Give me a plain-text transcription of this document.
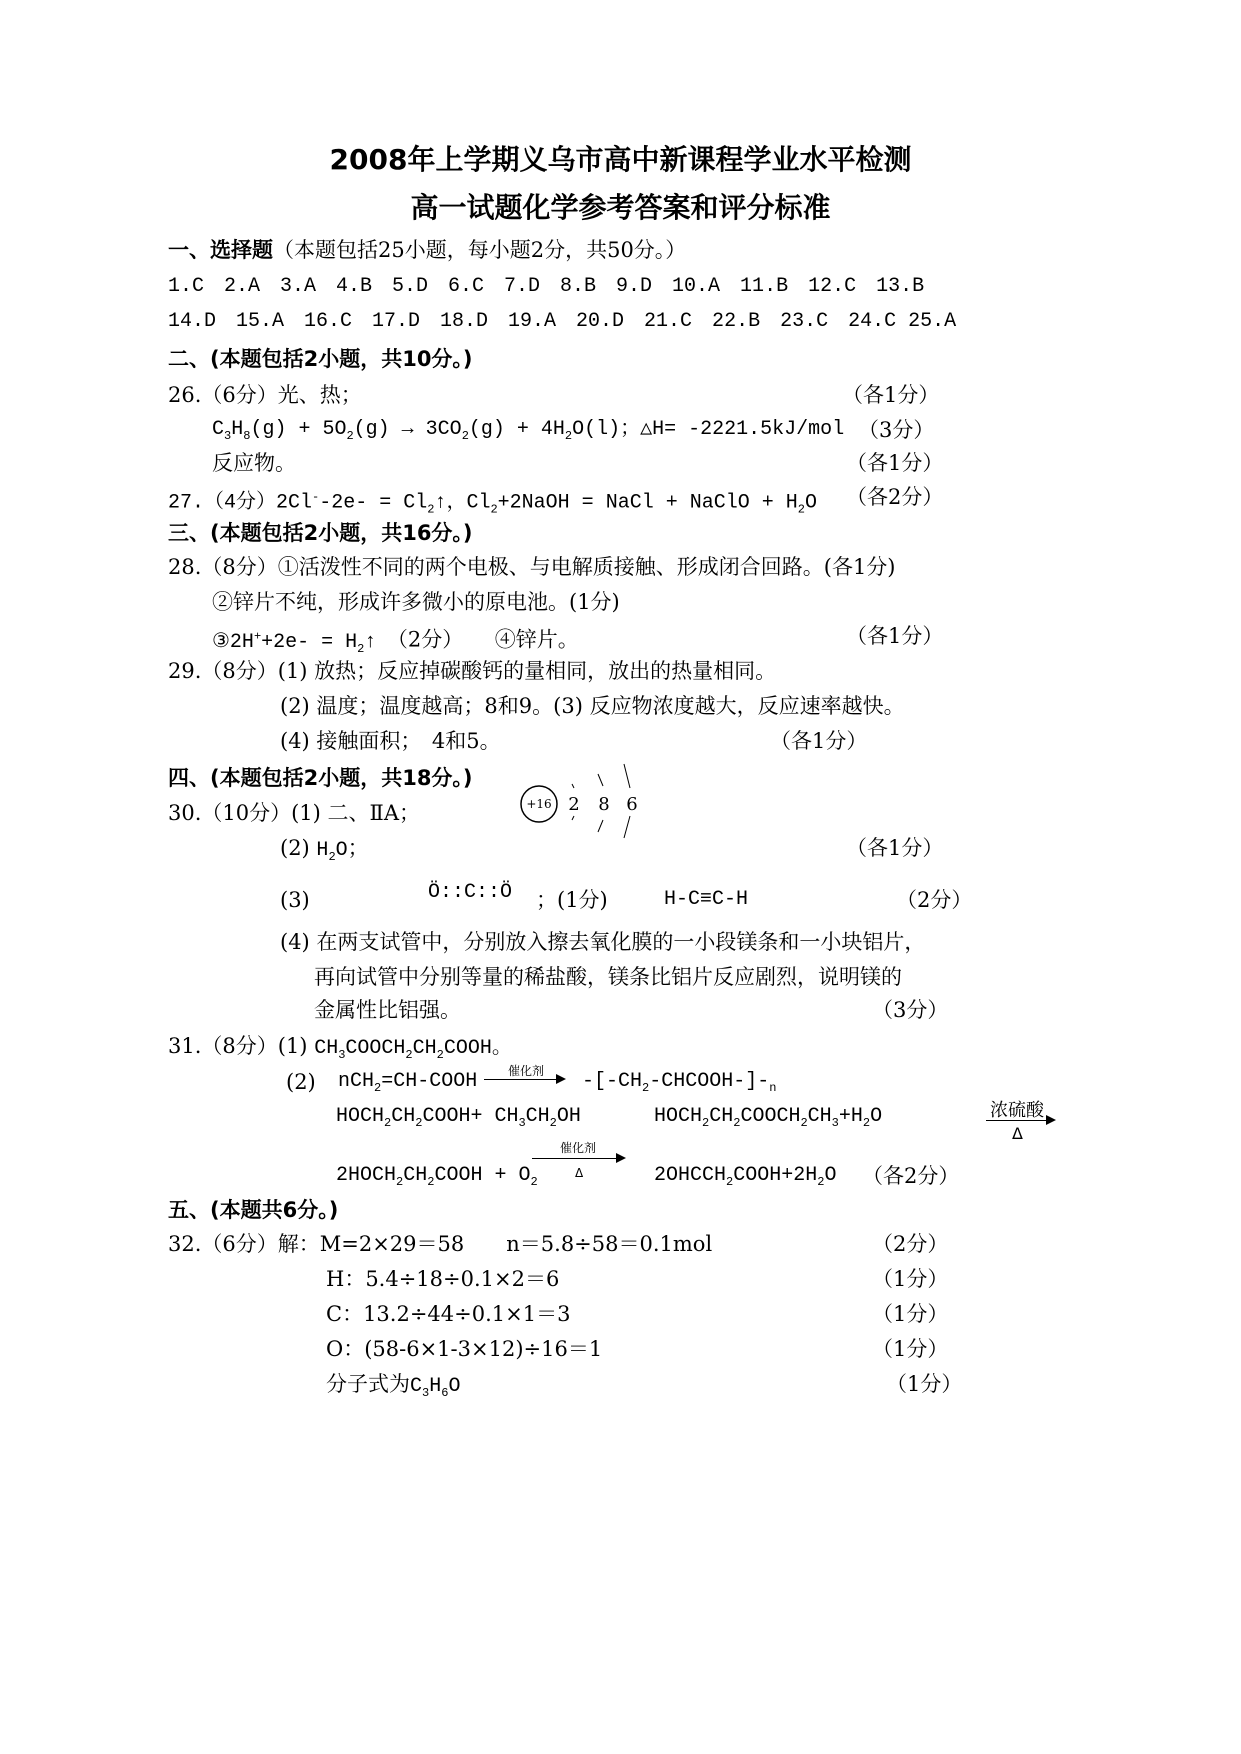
2008年上学期义乌市高中新课程学业水平检测
高一试题化学参考答案和评分标准
一、选择题（本题包括25小题，每小题2分，共50分。）
1.C　2.A　3.A　4.B　5.D　6.C　7.D　8.B　9.D　10.A　11.B　12.C　13.B
14.D　15.A　16.C　17.D　18.D　19.A　20.D　21.C　22.B　23.C　24.C 25.A
二、(本题包括2小题，共10分。)
26.（6分）光、热；	（各1分）
$C_3H_8(g) + 5O_2(g) \to 3CO_2(g) + 4H_2O(l)$；△H= -2221.5kJ/mol （3分）
反应物。	（各1分）
27.（4分）$2Cl^--2e- = Cl_2↑$，$Cl_2+2NaOH$ = NaCl + NaClO + $H_2O$ （各2分）
三、(本题包括2小题，共16分。)
28.（8分）①活泼性不同的两个电极、与电解质接触、形成闭合回路。(各1分)
②锌片不纯，形成许多微小的原电池。(1分)
③2H++2e- = $H_2↑$　 （2分）　　④锌片。	（各1分）
29.（8分）(1) 放热；反应掉碳酸钙的量相同，放出的热量相同。
(2) 温度；温度越高；8和9。(3) 反应物浓度越大，反应速率越快。
(4) 接触面积；　4和5。	（各1分）
四、(本题包括2小题，共18分。)
30.（10分）(1) 二、ⅡA；	+16 2 8 6
(2) $H_2O$；	（各1分）
(3)	Ö::C::Ö ；(1分)	H-C≡C-H	（2分）
(4) 在两支试管中，分别放入擦去氧化膜的一小段镁条和一小块铝片，
再向试管中分别等量的稀盐酸，镁条比铝片反应剧烈，说明镁的
金属性比铝强。	（3分）
31.（8分）(1) $CH_3COOCH_2CH_2COOH$。
(2) nCH$_2$=CH-COOH	催化剂 $-[-CH_2-CHCOOH-]-_n$
$HOCH_2CH_2COOH+ CH_3CH_2OH$	$HOCH_2CH_2COOCH_2CH_3+H_2O$	浓硫酸
Δ
催化剂
Δ
$2HOCH_2CH_2COOH + O_2$	$2OHCCH_2COOH+2H_2O$ （各2分）
五、(本题共6分。)
32.（6分）解：M=2×29＝58　　n＝5.8÷58＝0.1mol	（2分）
H：5.4÷18÷0.1×2＝6	（1分）
C：13.2÷44÷0.1×1＝3	（1分）
O：(58-6×1-3×12)÷16＝1	（1分）
分子式为$C_3H_6O$	（1分）
